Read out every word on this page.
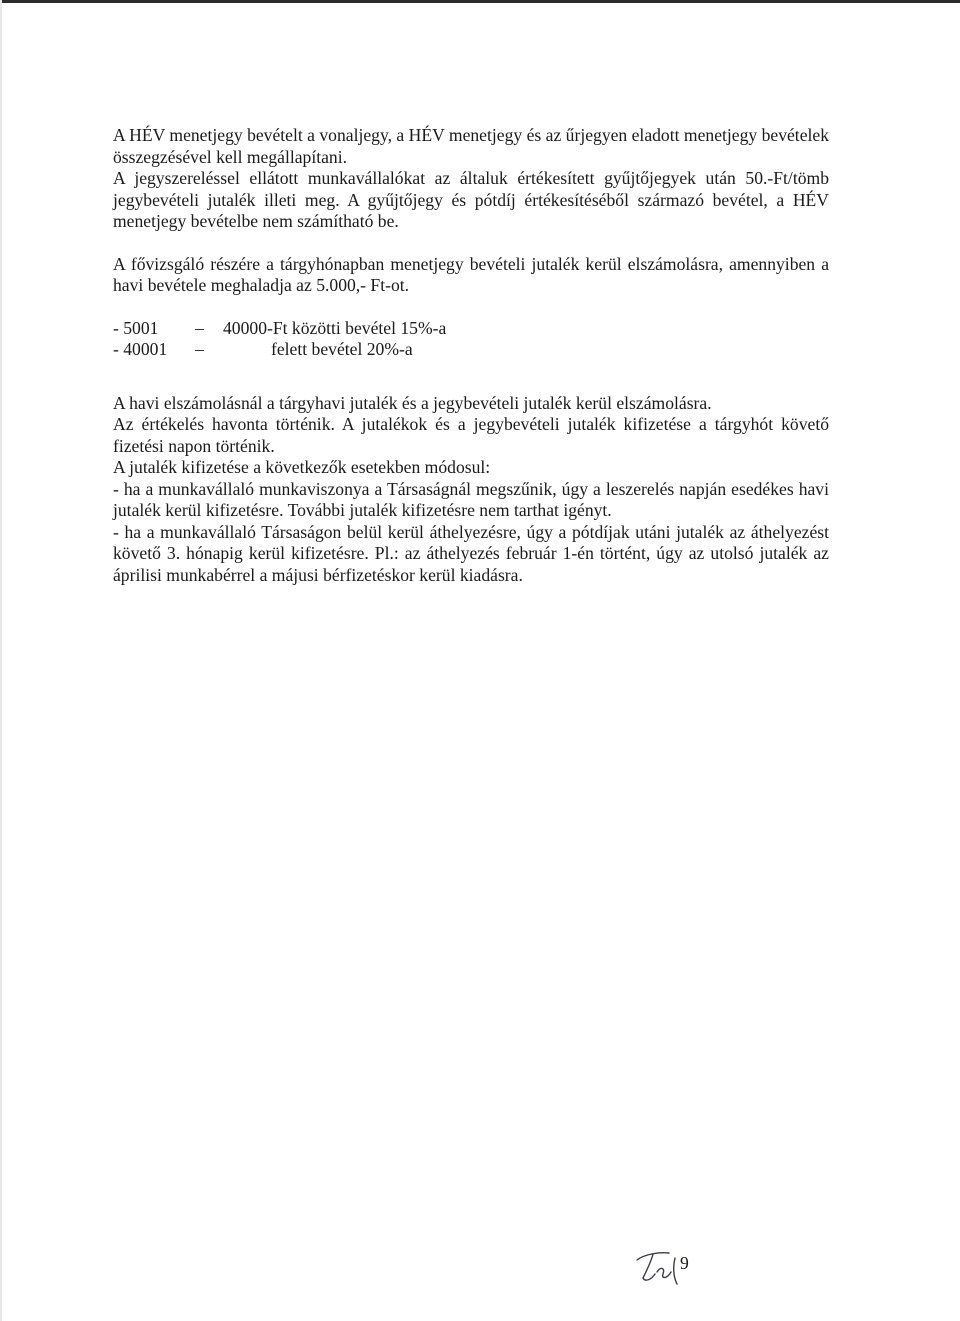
A HÉV menetjegy bevételt a vonaljegy, a HÉV menetjegy és az űrjegyen eladott menetjegy bevételek összegzésével kell megállapítani.

A jegyszereléssel ellátott munkavállalókat az általuk értékesített gyűjtőjegyek után 50.-Ft/tömb jegybevételi jutalék illeti meg. A gyűjtőjegy és pótdíj értékesítéséből származó bevétel, a HÉV menetjegy bevételbe nem számítható be.

A fővizsgáló részére a tárgyhónapban menetjegy bevételi jutalék kerül elszámolásra, amennyiben a havi bevétele meghaladja az 5.000,- Ft-ot.

- 5001	–	40000-Ft közötti bevétel 15%-a
- 40001	–	felett bevétel 20%-a

A havi elszámolásnál a tárgyhavi jutalék és a jegybevételi jutalék kerül elszámolásra.

Az értékelés havonta történik. A jutalékok és a jegybevételi jutalék kifizetése a tárgyhót követő fizetési napon történik.

A jutalék kifizetése a következők esetekben módosul:

- ha a munkavállaló munkaviszonya a Társaságnál megszűnik, úgy a leszerelés napján esedékes havi jutalék kerül kifizetésre. További jutalék kifizetésre nem tarthat igényt.

- ha a munkavállaló Társaságon belül kerül áthelyezésre, úgy a pótdíjak utáni jutalék az áthelyezést követő 3. hónapig kerül kifizetésre. Pl.: az áthelyezés február 1-én történt, úgy az utolsó jutalék az áprilisi munkabérrel a májusi bérfizetéskor kerül kiadásra.

9
